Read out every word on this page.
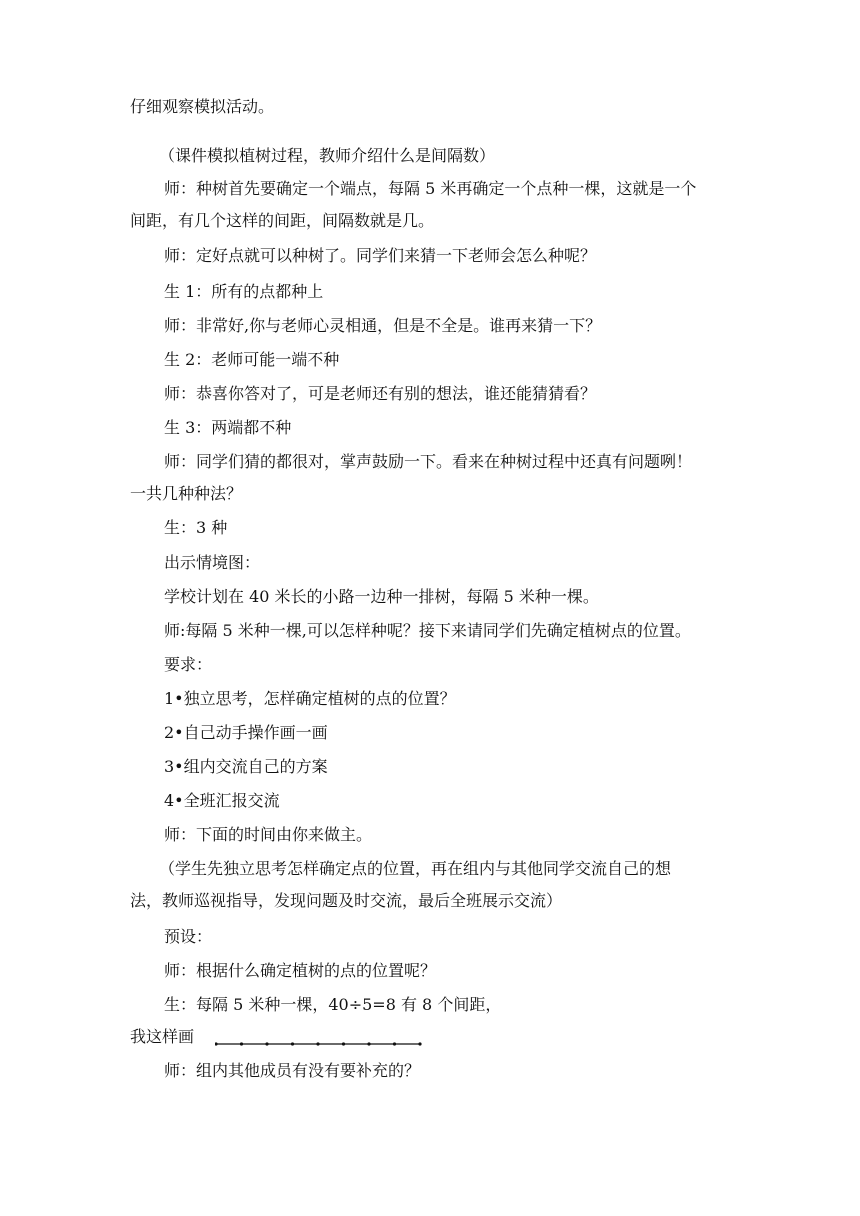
仔细观察模拟活动。
（课件模拟植树过程，教师介绍什么是间隔数）
师：种树首先要确定一个端点，每隔 5 米再确定一个点种一棵，这就是一个
间距，有几个这样的间距，间隔数就是几。
师：定好点就可以种树了。同学们来猜一下老师会怎么种呢？
生 1：所有的点都种上
师：非常好,你与老师心灵相通，但是不全是。谁再来猜一下？
生 2：老师可能一端不种
师：恭喜你答对了，可是老师还有别的想法，谁还能猜猜看？
生 3：两端都不种
师：同学们猜的都很对，掌声鼓励一下。看来在种树过程中还真有问题咧！
一共几种种法？
生：3 种
出示情境图：
学校计划在 40 米长的小路一边种一排树，每隔 5 米种一棵。
师:每隔 5 米种一棵,可以怎样种呢？接下来请同学们先确定植树点的位置。
要求：
1•独立思考，怎样确定植树的点的位置？
2•自己动手操作画一画
3•组内交流自己的方案
4•全班汇报交流
师：下面的时间由你来做主。
（学生先独立思考怎样确定点的位置，再在组内与其他同学交流自己的想
法，教师巡视指导，发现问题及时交流，最后全班展示交流）
预设：
师：根据什么确定植树的点的位置呢？
生：每隔 5 米种一棵，40÷5=8 有 8 个间距，
我这样画
师：组内其他成员有没有要补充的？
